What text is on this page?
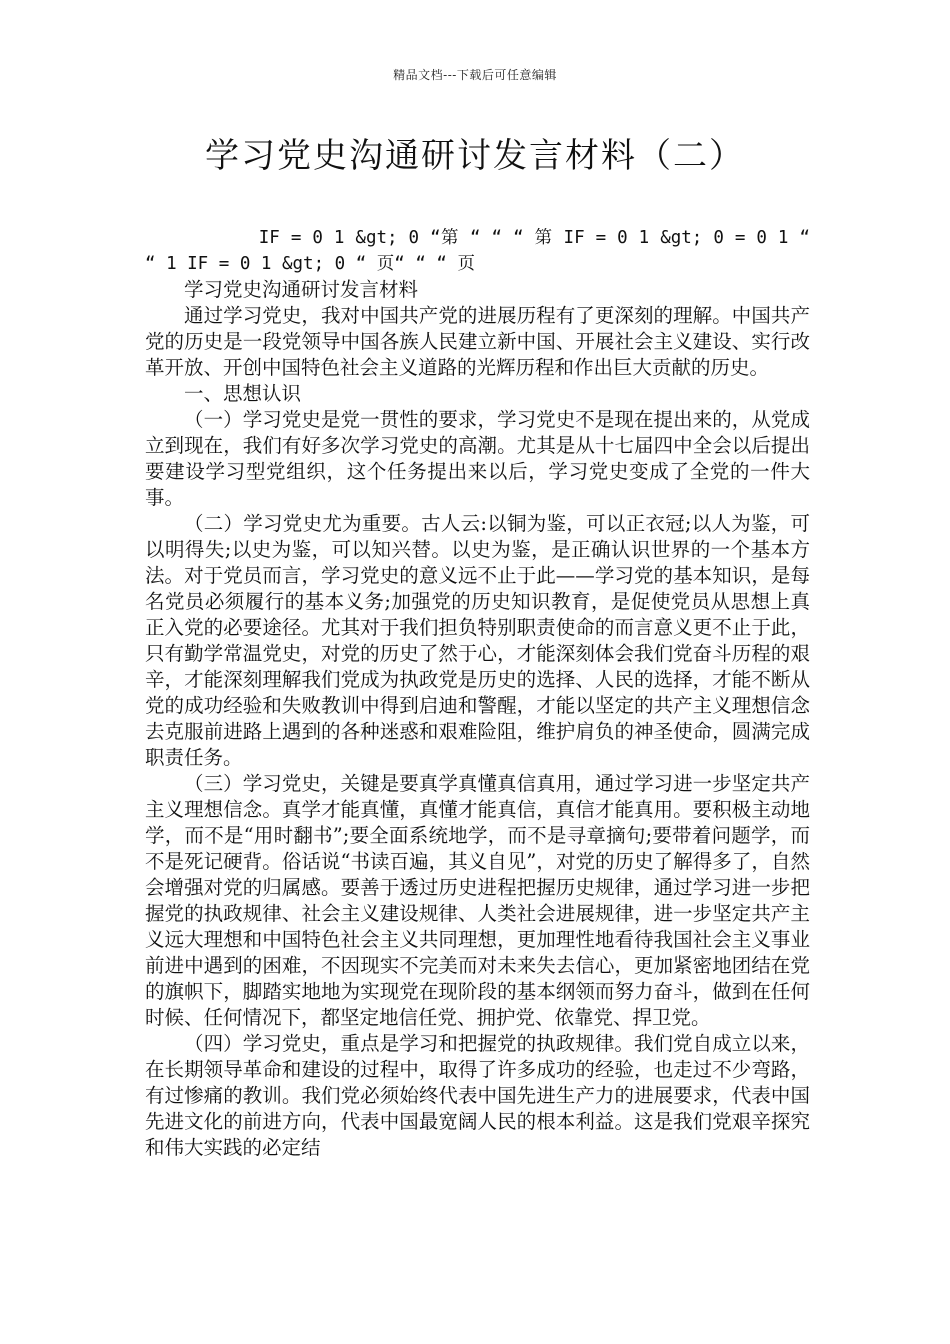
精品文档---下载后可任意编辑
学习党史沟通研讨发言材料（二）

IF = 0 1 &gt; 0 “第 “ “ “ 第 IF = 0 1 &gt; 0 = 0 1 “ “ 1 IF = 0 1 &gt; 0 “ 页“ “ “ 页

学习党史沟通研讨发言材料

通过学习党史，我对中国共产党的进展历程有了更深刻的理解。中国共产党的历史是一段党领导中国各族人民建立新中国、开展社会主义建设、实行改革开放、开创中国特色社会主义道路的光辉历程和作出巨大贡献的历史。

一、思想认识

（一）学习党史是党一贯性的要求，学习党史不是现在提出来的，从党成立到现在，我们有好多次学习党史的高潮。尤其是从十七届四中全会以后提出要建设学习型党组织，这个任务提出来以后，学习党史变成了全党的一件大事。

（二）学习党史尤为重要。古人云:以铜为鉴，可以正衣冠;以人为鉴，可以明得失;以史为鉴，可以知兴替。以史为鉴，是正确认识世界的一个基本方法。对于党员而言，学习党史的意义远不止于此——学习党的基本知识，是每名党员必须履行的基本义务;加强党的历史知识教育，是促使党员从思想上真正入党的必要途径。尤其对于我们担负特别职责使命的而言意义更不止于此，只有勤学常温党史，对党的历史了然于心，才能深刻体会我们党奋斗历程的艰辛，才能深刻理解我们党成为执政党是历史的选择、人民的选择，才能不断从党的成功经验和失败教训中得到启迪和警醒，才能以坚定的共产主义理想信念去克服前进路上遇到的各种迷惑和艰难险阻，维护肩负的神圣使命，圆满完成职责任务。

（三）学习党史，关键是要真学真懂真信真用，通过学习进一步坚定共产主义理想信念。真学才能真懂，真懂才能真信，真信才能真用。要积极主动地学，而不是“用时翻书”;要全面系统地学，而不是寻章摘句;要带着问题学，而不是死记硬背。俗话说“书读百遍，其义自见”，对党的历史了解得多了，自然会增强对党的归属感。要善于透过历史进程把握历史规律，通过学习进一步把握党的执政规律、社会主义建设规律、人类社会进展规律，进一步坚定共产主义远大理想和中国特色社会主义共同理想，更加理性地看待我国社会主义事业前进中遇到的困难，不因现实不完美而对未来失去信心，更加紧密地团结在党的旗帜下，脚踏实地地为实现党在现阶段的基本纲领而努力奋斗，做到在任何时候、任何情况下，都坚定地信任党、拥护党、依靠党、捍卫党。

（四）学习党史，重点是学习和把握党的执政规律。我们党自成立以来，在长期领导革命和建设的过程中，取得了许多成功的经验，也走过不少弯路，有过惨痛的教训。我们党必须始终代表中国先进生产力的进展要求，代表中国先进文化的前进方向，代表中国最宽阔人民的根本利益。这是我们党艰辛探究和伟大实践的必定结
